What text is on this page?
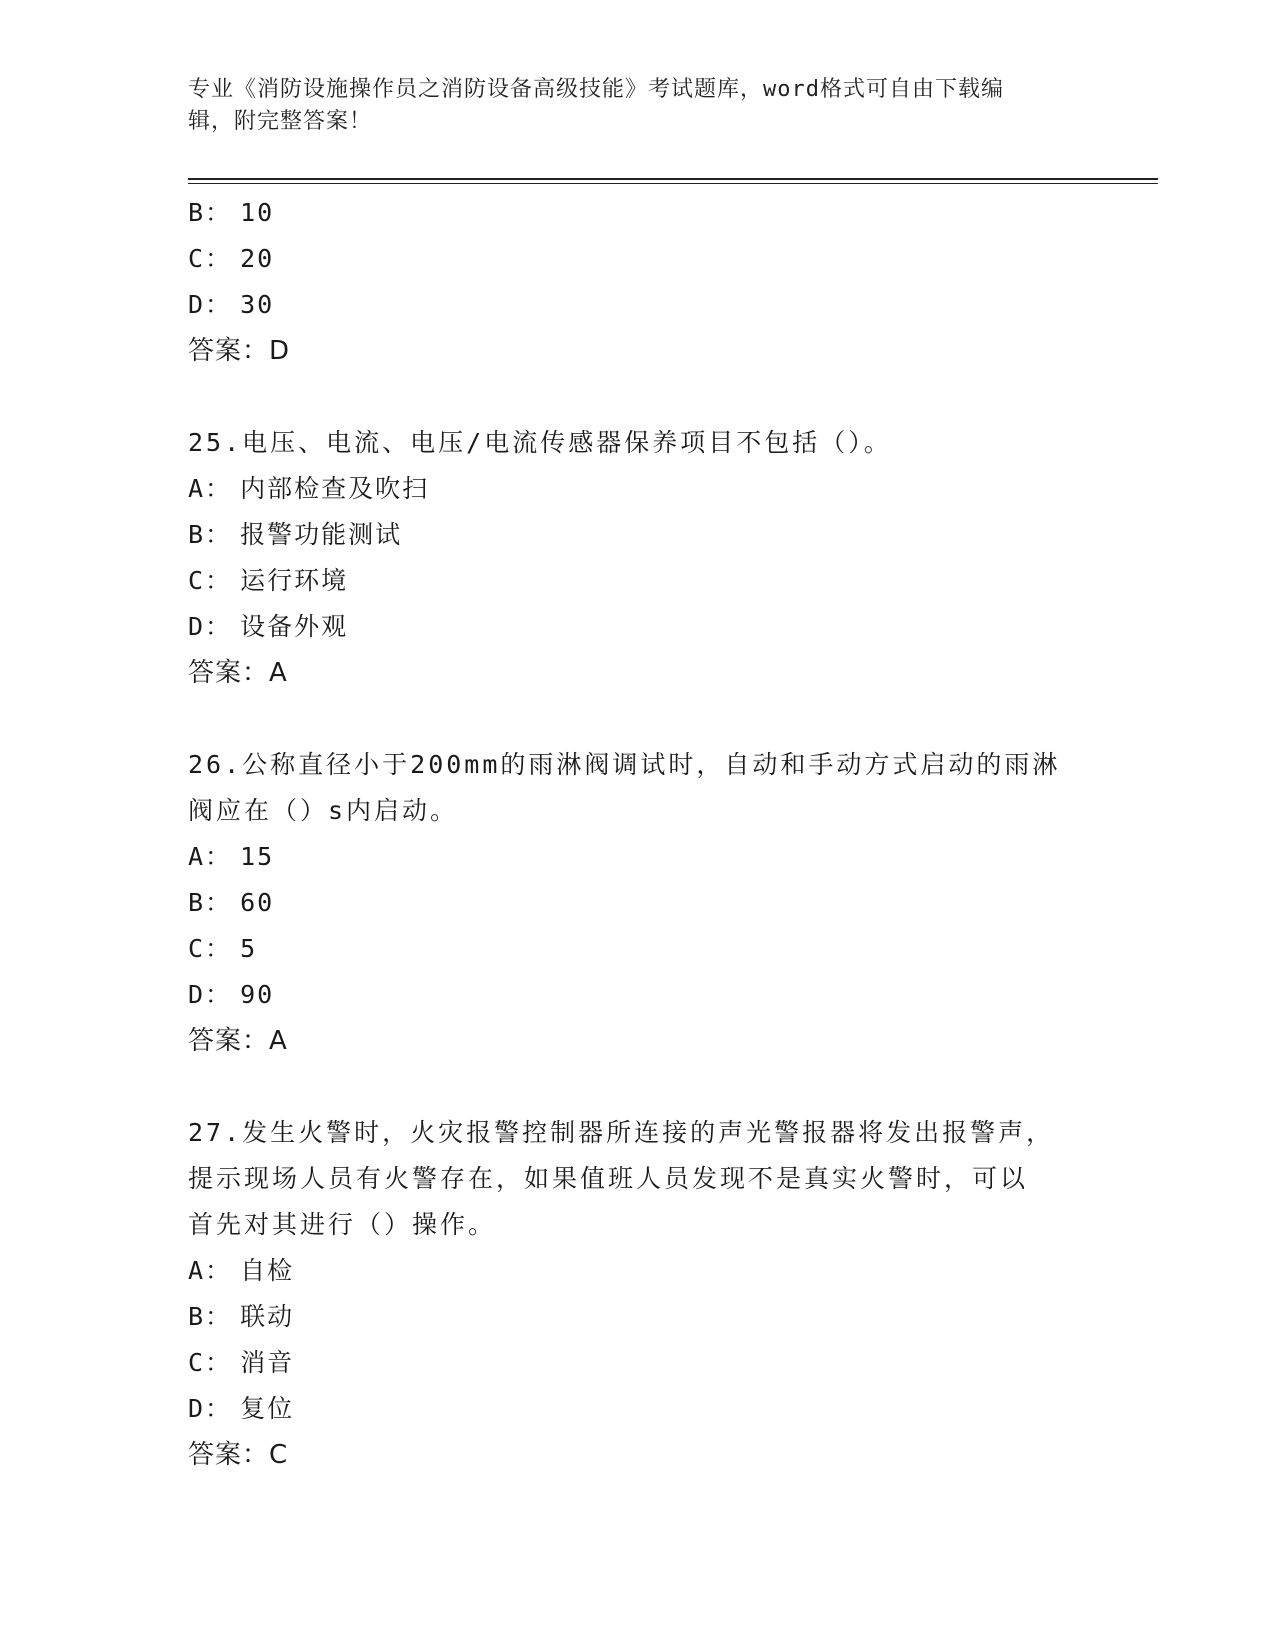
专业《消防设施操作员之消防设备高级技能》考试题库，word格式可自由下载编
辑，附完整答案！
B： 10
C： 20
D： 30
答案：D
25.电压、电流、电压/电流传感器保养项目不包括（）。
A： 内部检查及吹扫
B： 报警功能测试
C： 运行环境
D： 设备外观
答案：A
26.公称直径小于200mm的雨淋阀调试时，自动和手动方式启动的雨淋
阀应在（）s内启动。
A： 15
B： 60
C： 5
D： 90
答案：A
27.发生火警时，火灾报警控制器所连接的声光警报器将发出报警声，
提示现场人员有火警存在，如果值班人员发现不是真实火警时，可以
首先对其进行（）操作。
A： 自检
B： 联动
C： 消音
D： 复位
答案：C
